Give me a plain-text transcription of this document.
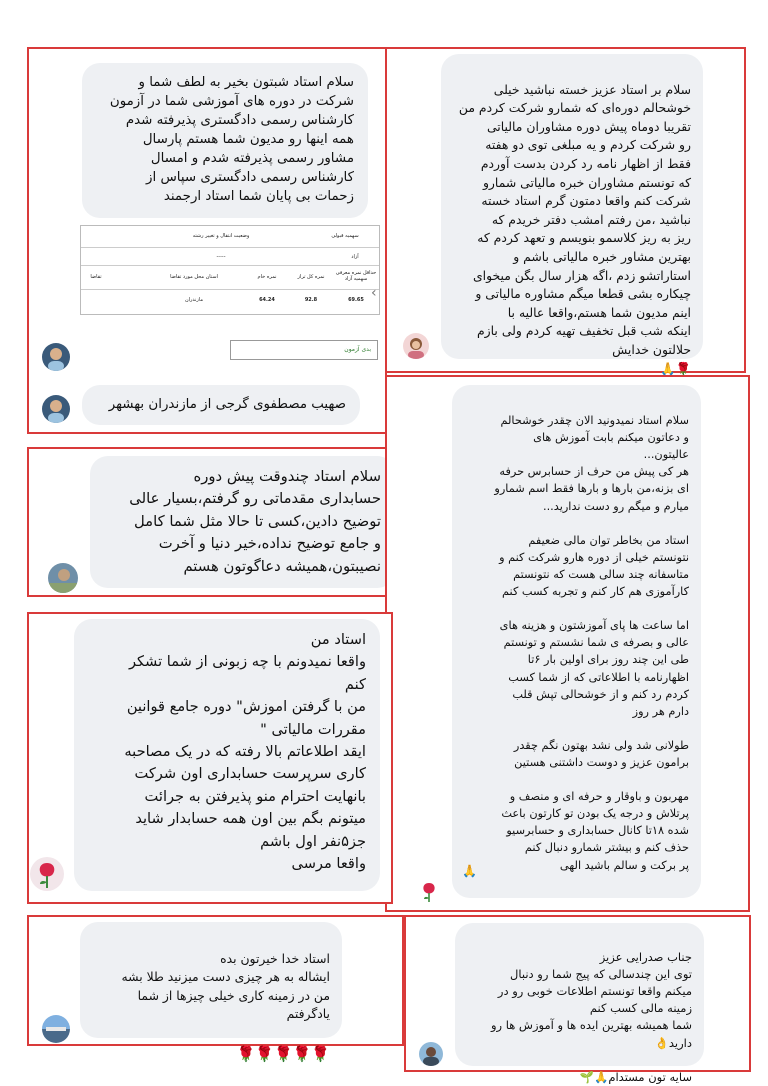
سلام استاد شبتون بخیر به لطف شما و
شرکت در دوره های آموزشی شما در آزمون
کارشناس رسمی دادگستری پذیرفته شدم
همه اینها رو مدیون شما هستم پارسال
مشاور رسمی پذیرفته شدم و امسال
کارشناس رسمی دادگستری سپاس از
زحمات بی پایان شما استاد ارجمند
وضعیت انتقال و تغییر رشته	سهمیه قبولی
-----	آزاد
حداقل نمره معرفی سهمیه آزاد
نمره کل تراز
نمره خام
استان محل مورد تقاضا
تقاضا
69.65
92.8
64.24
مازندران
بدی آزمون
‹
صهیب مصطفوی گرجی از مازندران بهشهر

سلام بر استاد عزیز خسته نباشید خیلی
خوشحالم دوره‌ای که شمارو شرکت کردم من
تقریبا دوماه پیش دوره مشاوران مالیاتی
رو شرکت کردم و یه مبلغی توی دو هفته
فقط از اظهار نامه رد کردن بدست آوردم
که تونستم مشاوران خبره مالیاتی شمارو
شرکت کنم واقعا دمتون گرم استاد خسته
نباشید ،من رفتم امشب دفتر خریدم که
ریز به ریز کلاسمو بنویسم و تعهد کردم که
بهترین مشاور خبره مالیاتی باشم و
استاراتشو زدم ،اگه هزار سال بگن میخوای
چیکاره بشی قطعا میگم مشاوره مالیاتی و
اینم مدیون شما هستم،واقعا عالیه با
اینکه شب قبل تخفیف تهیه کردم ولی بازم
حلالتون خدایش
🌹🙏

سلام استاد چندوقت پیش دوره
حسابداری مقدماتی رو گرفتم،بسیار عالی
توضیح دادین،کسی تا حالا مثل شما کامل
و جامع توضیح نداده،خیر دنیا و آخرت
نصیبتون،همیشه دعاگوتون هستم

سلام استاد نمیدونید الان چقدر خوشحالم
و دعاتون میکنم بابت آموزش های
عالیتون...
هر کی پیش من حرف از حسابرس حرفه
ای بزنه،من بارها و بارها فقط اسم شمارو
میارم و میگم رو دست ندارید...

استاد من بخاطر توان مالی ضعیفم
نتونستم خیلی از دوره هارو شرکت کنم و
متاسفانه چند سالی هست که نتونستم
کارآموزی هم کار کنم و تجربه کسب کنم

اما ساعت ها پای آموزشتون و هزینه های
عالی و بصرفه ی شما نشستم و تونستم
طی این چند روز برای اولین بار ۶تا
اظهارنامه با اطلاعاتی که از شما کسب
کردم رد کنم و از خوشحالی تپش قلب
دارم هر روز

طولانی شد ولی نشد بهتون نگم چقدر
برامون عزیز و دوست داشتنی هستین

مهربون و باوقار و حرفه ای و منصف و
پرتلاش و درجه یک بودن تو کارتون باعث
شده ۱۸تا کانال حسابداری و حسابرسیو
حذف کنم و بیشتر شمارو دنبال کنم
پر برکت و سالم باشید الهی

🙏
استاد من
واقعا نمیدونم با چه زبونی از شما تشکر
کنم
من با گرفتن اموزش" دوره جامع قوانین
مقررات مالیاتی "
ایقد اطلاعاتم بالا رفته که در یک مصاحبه
کاری سرپرست حسابداری اون شرکت
بانهایت احترام منو پذیرفتن به جرائت
میتونم بگم بین اون همه حسابدار شاید
جز۵نفر اول باشم
واقعا مرسی

استاد خدا خیرتون بده
ایشاله به هر چیزی دست میزنید طلا بشه
من در زمینه کاری خیلی چیزها از شما
یادگرفتم

🌹🌹🌹🌹🌹

جناب صدرایی عزیز
توی این چندسالی که پیج شما رو دنبال
میکنم واقعا تونستم اطلاعات خوبی رو در
زمینه مالی کسب کنم
شما همیشه بهترین ایده ها و آموزش ها رو
دارید👌

سایه تون مستدام🙏🌱
